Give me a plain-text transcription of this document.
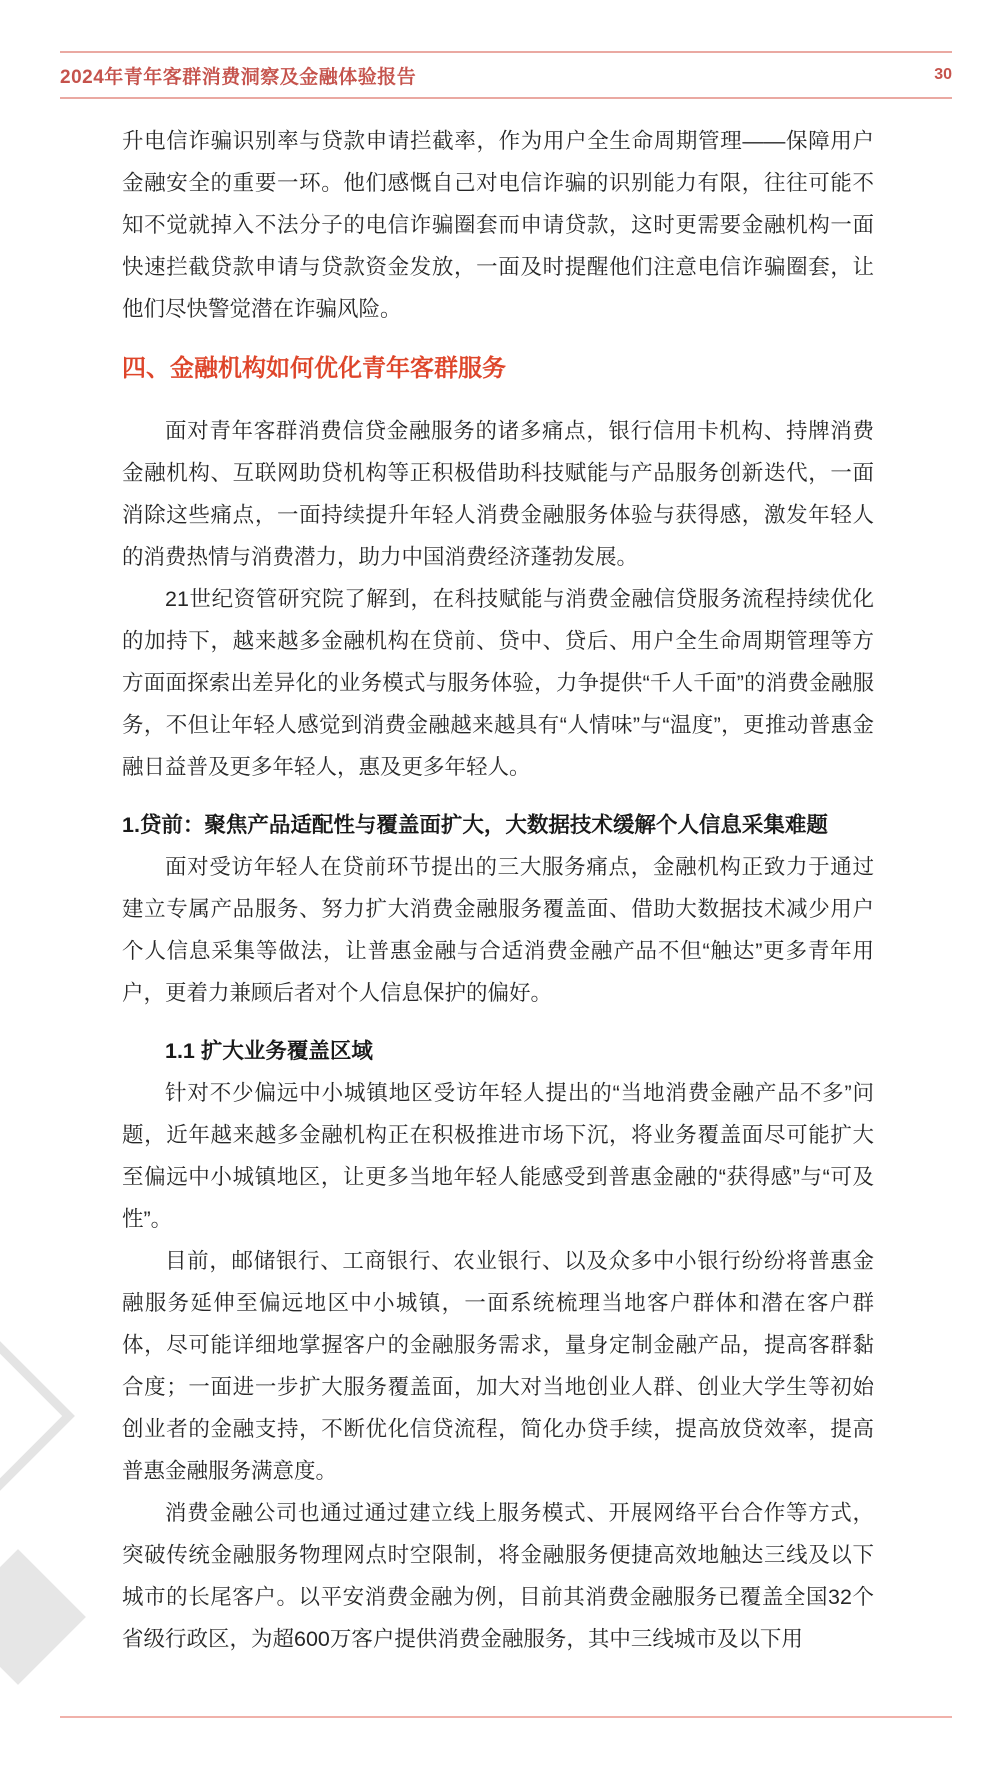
2024年青年客群消费洞察及金融体验报告	30

升电信诈骗识别率与贷款申请拦截率，作为用户全生命周期管理——保障用户金融安全的重要一环。他们感慨自己对电信诈骗的识别能力有限，往往可能不知不觉就掉入不法分子的电信诈骗圈套而申请贷款，这时更需要金融机构一面快速拦截贷款申请与贷款资金发放，一面及时提醒他们注意电信诈骗圈套，让他们尽快警觉潜在诈骗风险。

四、金融机构如何优化青年客群服务

面对青年客群消费信贷金融服务的诸多痛点，银行信用卡机构、持牌消费金融机构、互联网助贷机构等正积极借助科技赋能与产品服务创新迭代，一面消除这些痛点，一面持续提升年轻人消费金融服务体验与获得感，激发年轻人的消费热情与消费潜力，助力中国消费经济蓬勃发展。

21世纪资管研究院了解到，在科技赋能与消费金融信贷服务流程持续优化的加持下，越来越多金融机构在贷前、贷中、贷后、用户全生命周期管理等方方面面探索出差异化的业务模式与服务体验，力争提供“千人千面”的消费金融服务，不但让年轻人感觉到消费金融越来越具有“人情味”与“温度”，更推动普惠金融日益普及更多年轻人，惠及更多年轻人。

1.贷前：聚焦产品适配性与覆盖面扩大，大数据技术缓解个人信息采集难题

面对受访年轻人在贷前环节提出的三大服务痛点，金融机构正致力于通过建立专属产品服务、努力扩大消费金融服务覆盖面、借助大数据技术减少用户个人信息采集等做法，让普惠金融与合适消费金融产品不但“触达”更多青年用户，更着力兼顾后者对个人信息保护的偏好。

1.1 扩大业务覆盖区域

针对不少偏远中小城镇地区受访年轻人提出的“当地消费金融产品不多”问题，近年越来越多金融机构正在积极推进市场下沉，将业务覆盖面尽可能扩大至偏远中小城镇地区，让更多当地年轻人能感受到普惠金融的“获得感”与“可及性”。

目前，邮储银行、工商银行、农业银行、以及众多中小银行纷纷将普惠金融服务延伸至偏远地区中小城镇，一面系统梳理当地客户群体和潜在客户群体，尽可能详细地掌握客户的金融服务需求，量身定制金融产品，提高客群黏合度；一面进一步扩大服务覆盖面，加大对当地创业人群、创业大学生等初始创业者的金融支持，不断优化信贷流程，简化办贷手续，提高放贷效率，提高普惠金融服务满意度。

消费金融公司也通过通过建立线上服务模式、开展网络平台合作等方式，突破传统金融服务物理网点时空限制，将金融服务便捷高效地触达三线及以下城市的长尾客户。以平安消费金融为例，目前其消费金融服务已覆盖全国32个省级行政区，为超600万客户提供消费金融服务，其中三线城市及以下用
